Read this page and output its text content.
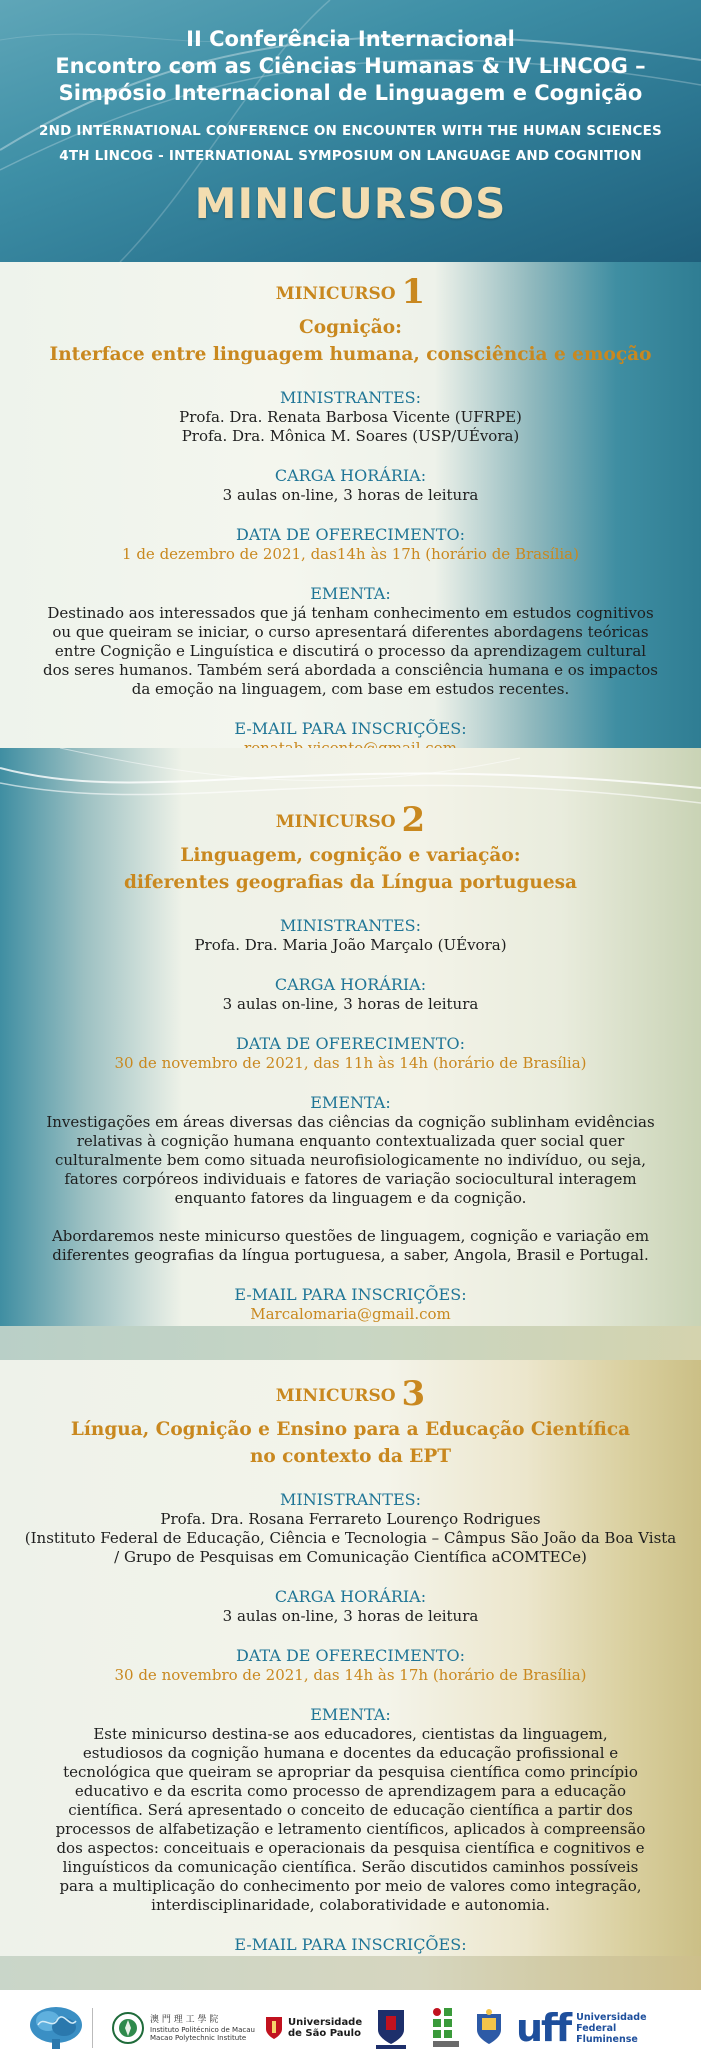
II Conferência Internacional
Encontro com as Ciências Humanas & IV LINCOG –
Simpósio Internacional de Linguagem e Cognição
2ND INTERNATIONAL CONFERENCE ON ENCOUNTER WITH THE HUMAN SCIENCES
4TH LINCOG - INTERNATIONAL SYMPOSIUM ON LANGUAGE AND COGNITION
MINICURSOS
MINICURSO 1
Cognição:
Interface entre linguagem humana, consciência e emoção
MINISTRANTES:
Profa. Dra. Renata Barbosa Vicente (UFRPE)
Profa. Dra. Mônica M. Soares (USP/UÉvora)
CARGA HORÁRIA:
3 aulas on-line, 3 horas de leitura
DATA DE OFERECIMENTO:
1 de dezembro de 2021, das14h às 17h (horário de Brasília)
EMENTA:
Destinado aos interessados que já tenham conhecimento em estudos cognitivos ou que queiram se iniciar, o curso apresentará diferentes abordagens teóricas entre Cognição e Linguística e discutirá o processo da aprendizagem cultural dos seres humanos. Também será abordada a consciência humana e os impactos da emoção na linguagem, com base em estudos recentes.
E-MAIL PARA INSCRIÇÕES:
MINICURSO 2
Linguagem, cognição e variação:
diferentes geografias da Língua portuguesa
MINISTRANTES:
Profa. Dra. Maria João Marçalo (UÉvora)
CARGA HORÁRIA:
3 aulas on-line, 3 horas de leitura
DATA DE OFERECIMENTO:
30 de novembro de 2021, das 11h às 14h (horário de Brasília)
EMENTA:
Investigações em áreas diversas das ciências da cognição sublinham evidências relativas à cognição humana enquanto contextualizada quer social quer culturalmente bem como situada neurofisiologicamente no indivíduo, ou seja, fatores corpóreos individuais e fatores de variação sociocultural interagem enquanto fatores da linguagem e da cognição.
Abordaremos neste minicurso questões de linguagem, cognição e variação em diferentes geografias da língua portuguesa, a saber, Angola, Brasil e Portugal.
E-MAIL PARA INSCRIÇÕES:
Marcalomaria@gmail.com
MINICURSO 3
Língua, Cognição e Ensino para a Educação Científica
no contexto da EPT
MINISTRANTES:
Profa. Dra. Rosana Ferrareto Lourenço Rodrigues
(Instituto Federal de Educação, Ciência e Tecnologia – Câmpus São João da Boa Vista / Grupo de Pesquisas em Comunicação Científica aCOMTECe)
CARGA HORÁRIA:
3 aulas on-line, 3 horas de leitura
DATA DE OFERECIMENTO:
30 de novembro de 2021, das 14h às 17h (horário de Brasília)
EMENTA:
Este minicurso destina-se aos educadores, cientistas da linguagem, estudiosos da cognição humana e docentes da educação profissional e tecnológica que queiram se apropriar da pesquisa científica como princípio educativo e da escrita como processo de aprendizagem para a educação científica. Será apresentado o conceito de educação científica a partir dos processos de alfabetização e letramento científicos, aplicados à compreensão dos aspectos: conceituais e operacionais da pesquisa científica e cognitivos e linguísticos da comunicação científica. Serão discutidos caminhos possíveis para a multiplicação do conhecimento por meio de valores como integração, interdisciplinaridade, colaboratividade e autonomia.
E-MAIL PARA INSCRIÇÕES:
澳 門 理 工 學 院
Instituto Politécnico de Macau
Macao Polytechnic Institute
Universidade
de São Paulo	uff Universidade
Federal
Fluminense
